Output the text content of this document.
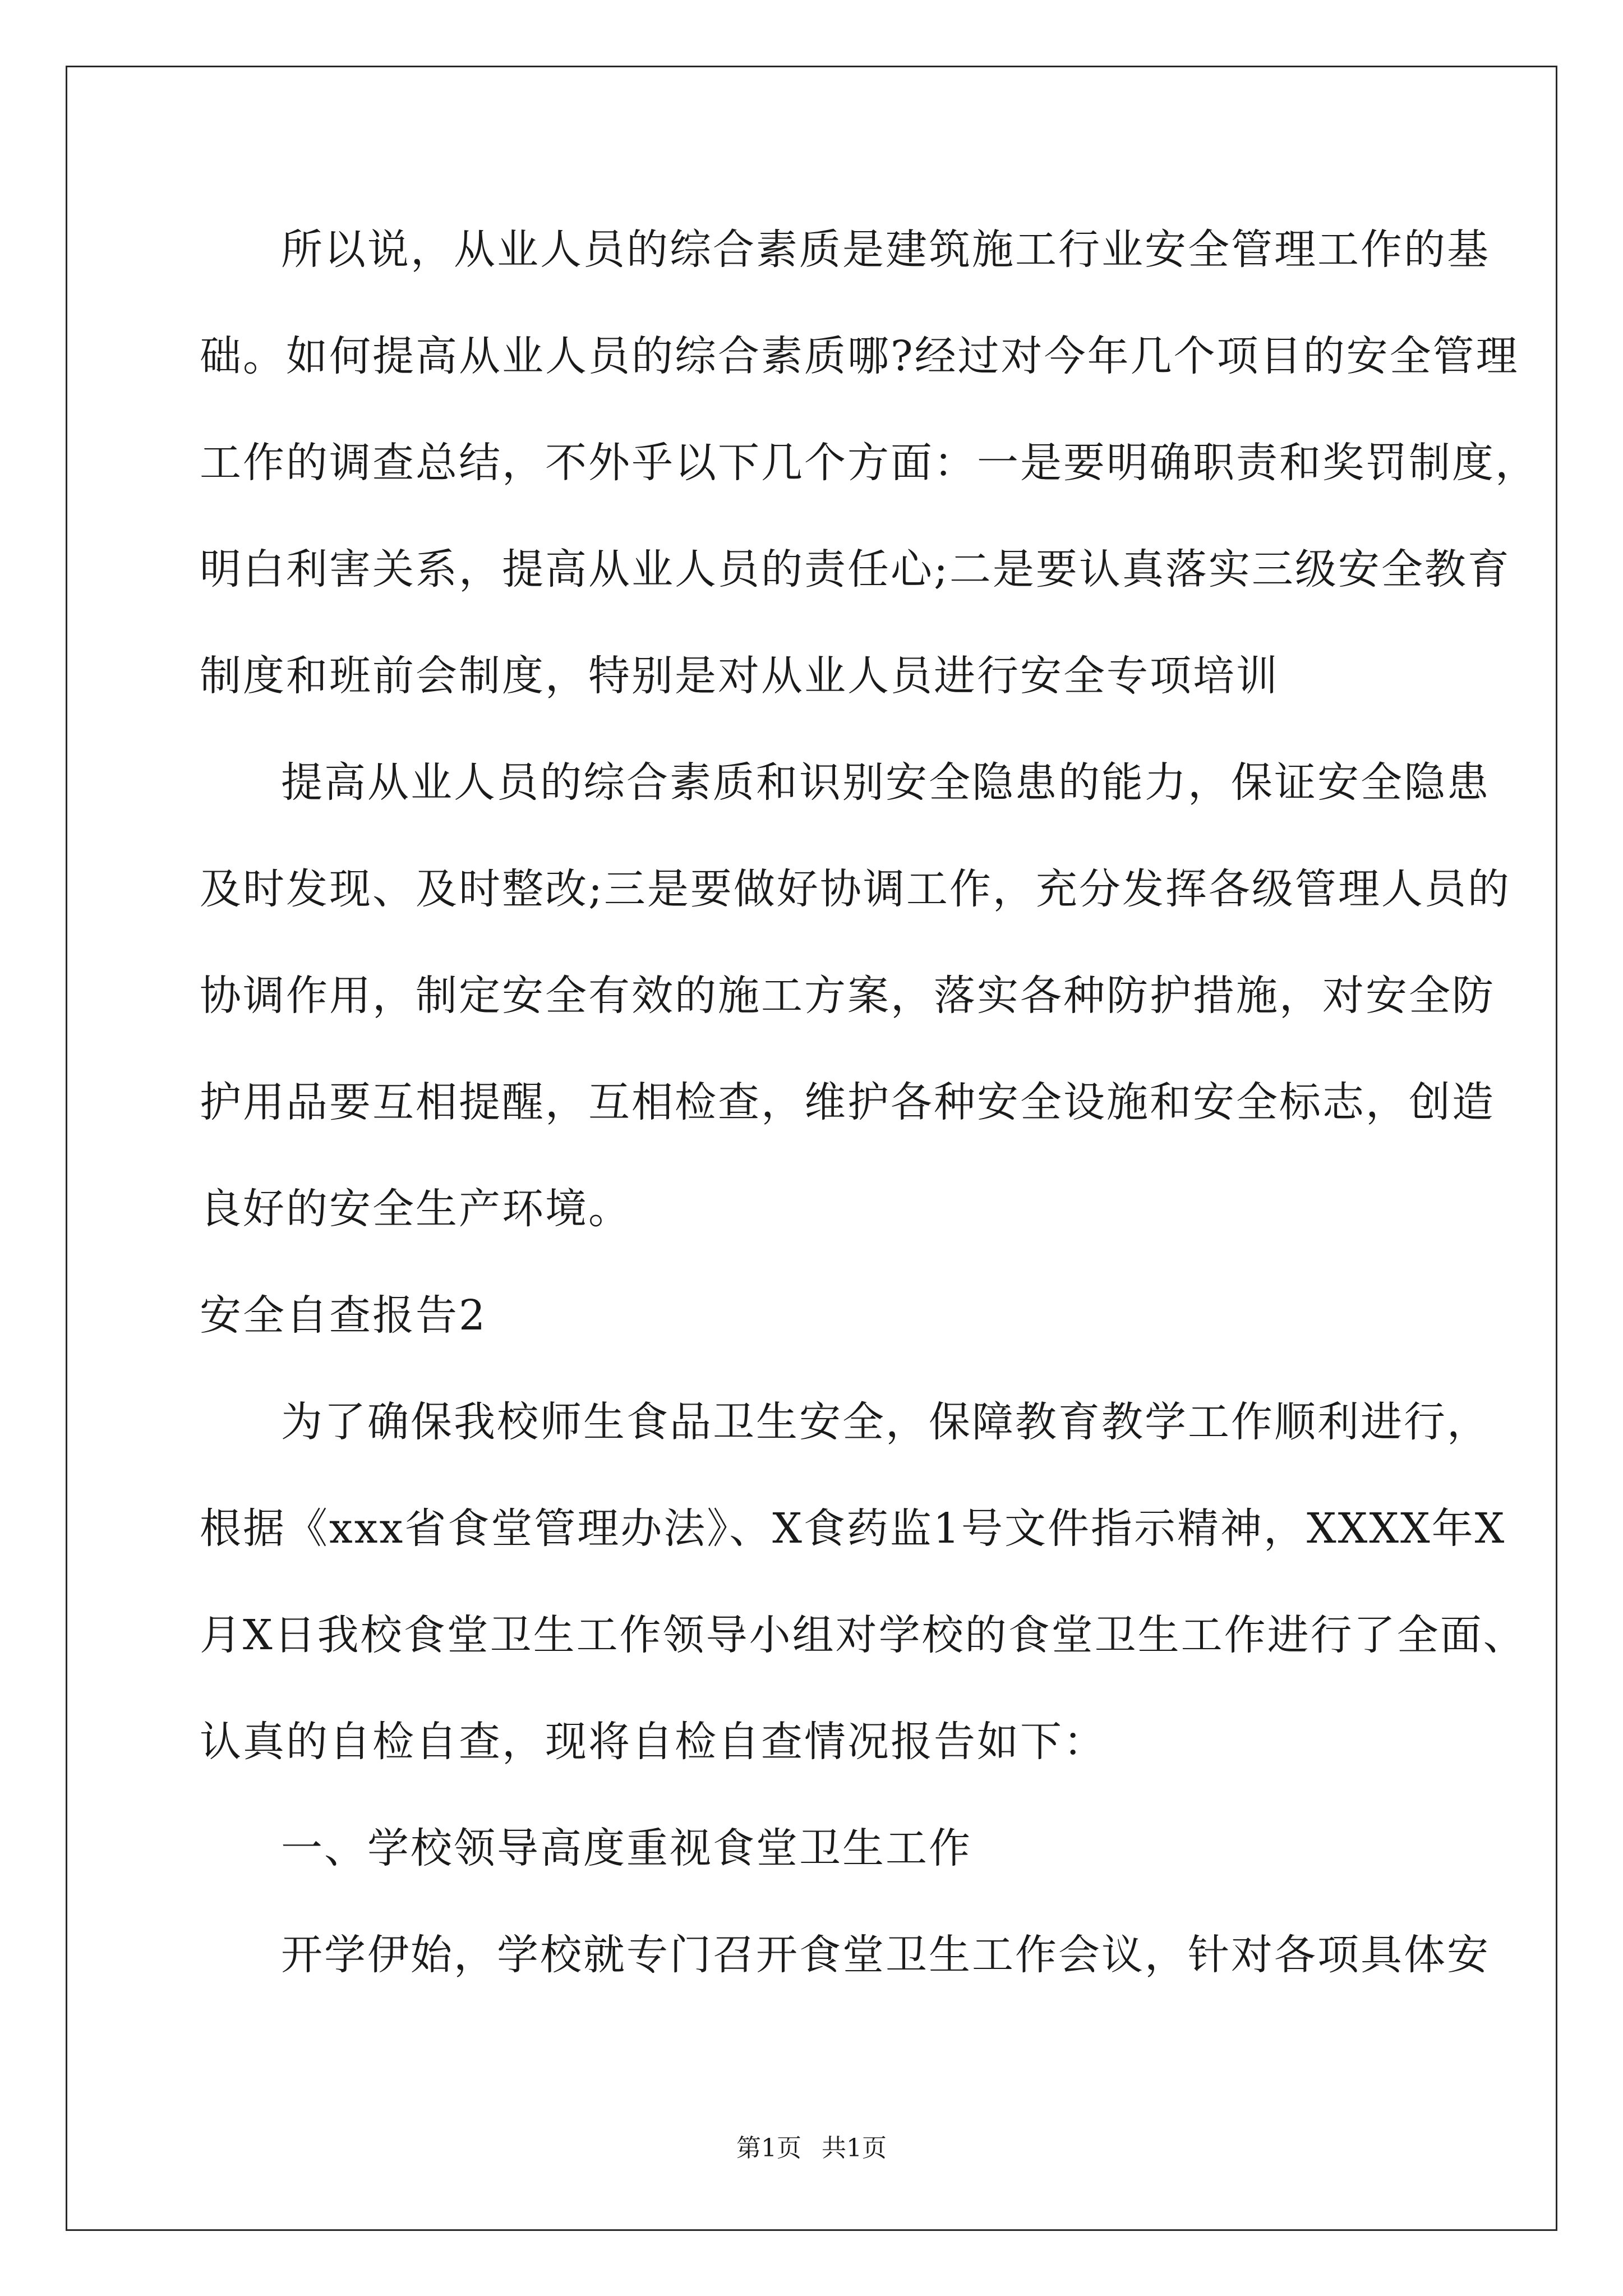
所以说，从业人员的综合素质是建筑施工行业安全管理工作的基
础。如何提高从业人员的综合素质哪?经过对今年几个项目的安全管理
工作的调查总结，不外乎以下几个方面：一是要明确职责和奖罚制度，
明白利害关系，提高从业人员的责任心;二是要认真落实三级安全教育
制度和班前会制度，特别是对从业人员进行安全专项培训
提高从业人员的综合素质和识别安全隐患的能力，保证安全隐患
及时发现、及时整改;三是要做好协调工作，充分发挥各级管理人员的
协调作用，制定安全有效的施工方案，落实各种防护措施，对安全防
护用品要互相提醒，互相检查，维护各种安全设施和安全标志，创造
良好的安全生产环境。
安全自查报告2
为了确保我校师生食品卫生安全，保障教育教学工作顺利进行，
根据《xxx省食堂管理办法》、X食药监1号文件指示精神，XXXX年X
月X日我校食堂卫生工作领导小组对学校的食堂卫生工作进行了全面、
认真的自检自查，现将自检自查情况报告如下：
一、学校领导高度重视食堂卫生工作
开学伊始，学校就专门召开食堂卫生工作会议，针对各项具体安
第1页 共1页
